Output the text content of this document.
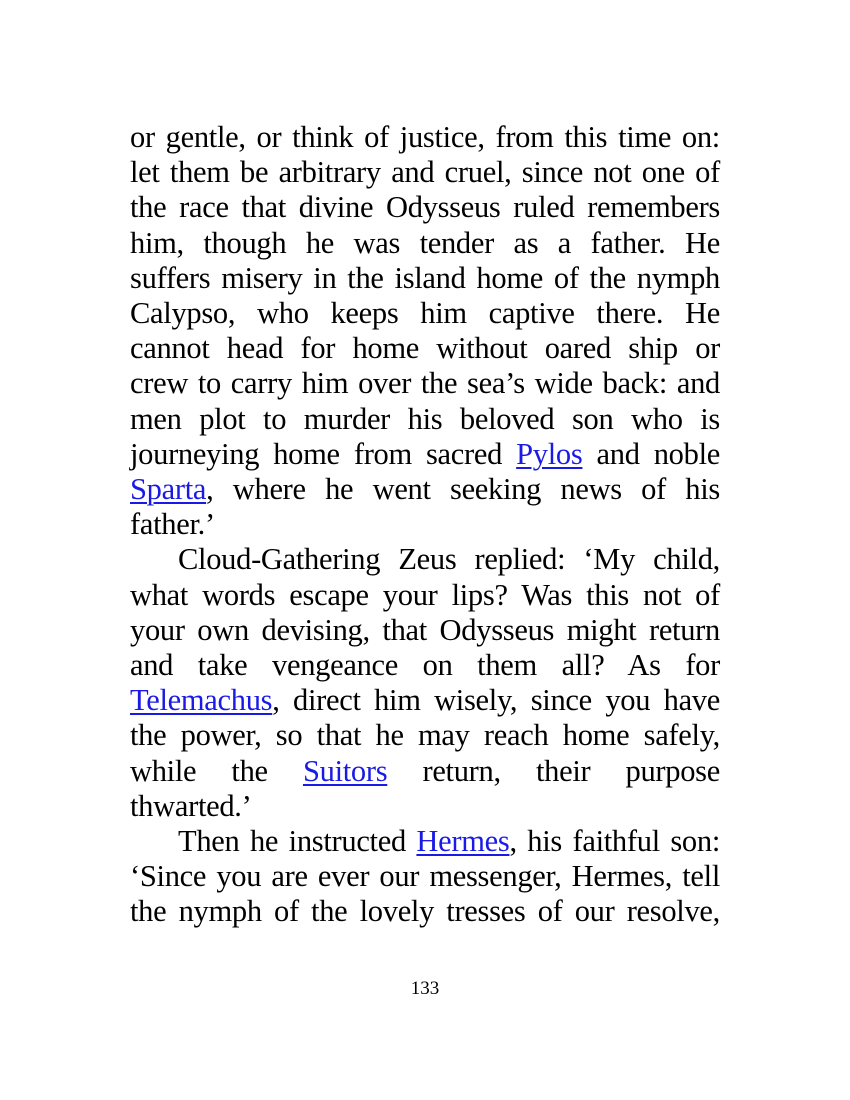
or gentle, or think of justice, from this time on:
let them be arbitrary and cruel, since not one of
the race that divine Odysseus ruled remembers
him, though he was tender as a father. He
suffers misery in the island home of the nymph
Calypso, who keeps him captive there. He
cannot head for home without oared ship or
crew to carry him over the sea’s wide back: and
men plot to murder his beloved son who is
journeying home from sacred Pylos and noble
Sparta, where he went seeking news of his
father.’
Cloud-Gathering Zeus replied: ‘My child,
what words escape your lips? Was this not of
your own devising, that Odysseus might return
and take vengeance on them all? As for
Telemachus, direct him wisely, since you have
the power, so that he may reach home safely,
while the Suitors return, their purpose
thwarted.’
Then he instructed Hermes, his faithful son:
‘Since you are ever our messenger, Hermes, tell
the nymph of the lovely tresses of our resolve,
133
